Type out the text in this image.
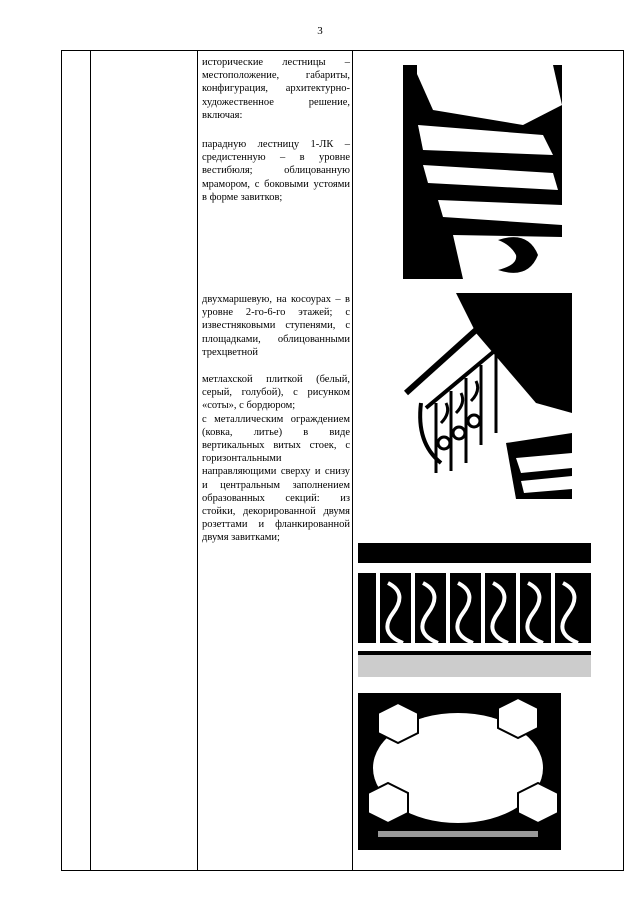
3

исторические лестницы – местоположение, габариты, конфигурация, архитектурно-художественное решение, включая:

парадную лестницу 1-ЛК – средистенную – в уровне вестибюля; облицованную мрамором, с боковыми устоями в форме завитков;

двухмаршевую, на косоурах – в уровне 2-го-6-го этажей; с известняковыми ступенями, с площадками, облицованными трехцветной

метлахской плиткой (белый, серый, голубой), с рисунком «соты», с бордюром;

с металлическим ограждением (ковка, литье) в виде вертикальных витых стоек, с горизонтальными направляющими сверху и снизу и центральным заполнением образованных секций: из стойки, декорированной двумя розеттами и фланкированной двумя завитками;
